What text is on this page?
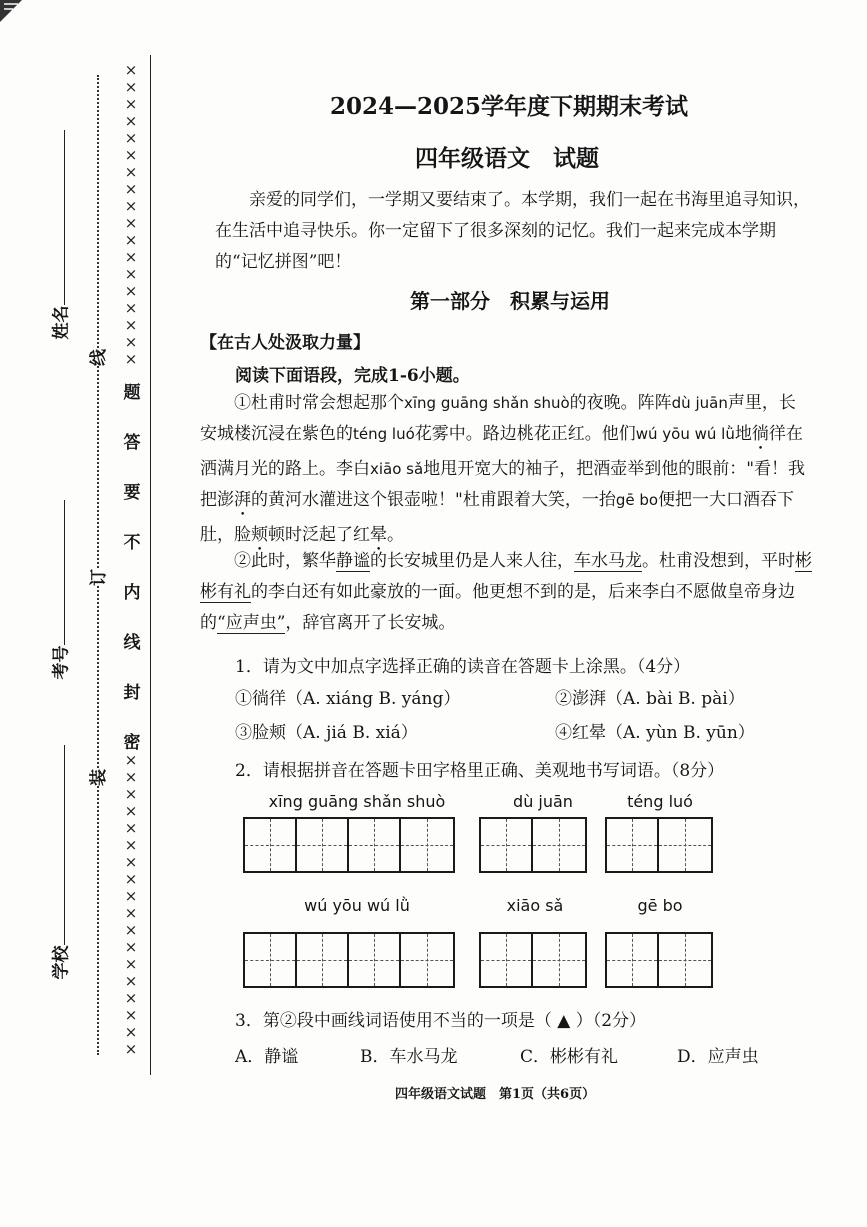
姓名
考号
学校
线
订
装
×
×
×
×
×
×
×
×
×
×
×
×
×
×
×
×
×
×
题
答
要
不
内
线
封
密
×
×
×
×
×
×
×
×
×
×
×
×
×
×
×
×
×
×
2024—2025学年度下期期末考试
四年级语文　试题
亲爱的同学们，一学期又要结束了。本学期，我们一起在书海里追寻知识，在生活中追寻快乐。你一定留下了很多深刻的记忆。我们一起来完成本学期的“记忆拼图”吧！
第一部分　积累与运用
【在古人处汲取力量】
阅读下面语段，完成1-6小题。
①杜甫时常会想起那个xīng guāng shǎn shuò的夜晚。阵阵dù juān声里，长安城楼沉浸在紫色的téng luó花雾中。路边桃花正红。他们wú yōu wú lǜ地徜徉在洒满月光的路上。李白xiāo sǎ地甩开宽大的袖子，把酒壶举到他的眼前："看！我把澎湃的黄河水灌进这个银壶啦！"杜甫跟着大笑，一抬gē bo便把一大口酒吞下肚，脸颊顿时泛起了红晕。
②此时，繁华静谧的长安城里仍是人来人往，车水马龙。杜甫没想到，平时彬彬有礼的李白还有如此豪放的一面。他更想不到的是，后来李白不愿做皇帝身边的“应声虫”，辞官离开了长安城。
1．请为文中加点字选择正确的读音在答题卡上涂黑。（4分）
①徜徉（A. xiáng B. yáng）	②澎湃（A. bài B. pài）
③脸颊（A. jiá B. xiá）	④红晕（A. yùn B. yūn）
2．请根据拼音在答题卡田字格里正确、美观地书写词语。（8分）
xīng guāng shǎn shuò	dù juān	téng luó
wú yōu wú lǜ	xiāo sǎ	gē bo
3．第②段中画线词语使用不当的一项是（ ▲ ）（2分）
A．静谧	B．车水马龙	C．彬彬有礼	D．应声虫
四年级语文试题　第1页（共6页）
